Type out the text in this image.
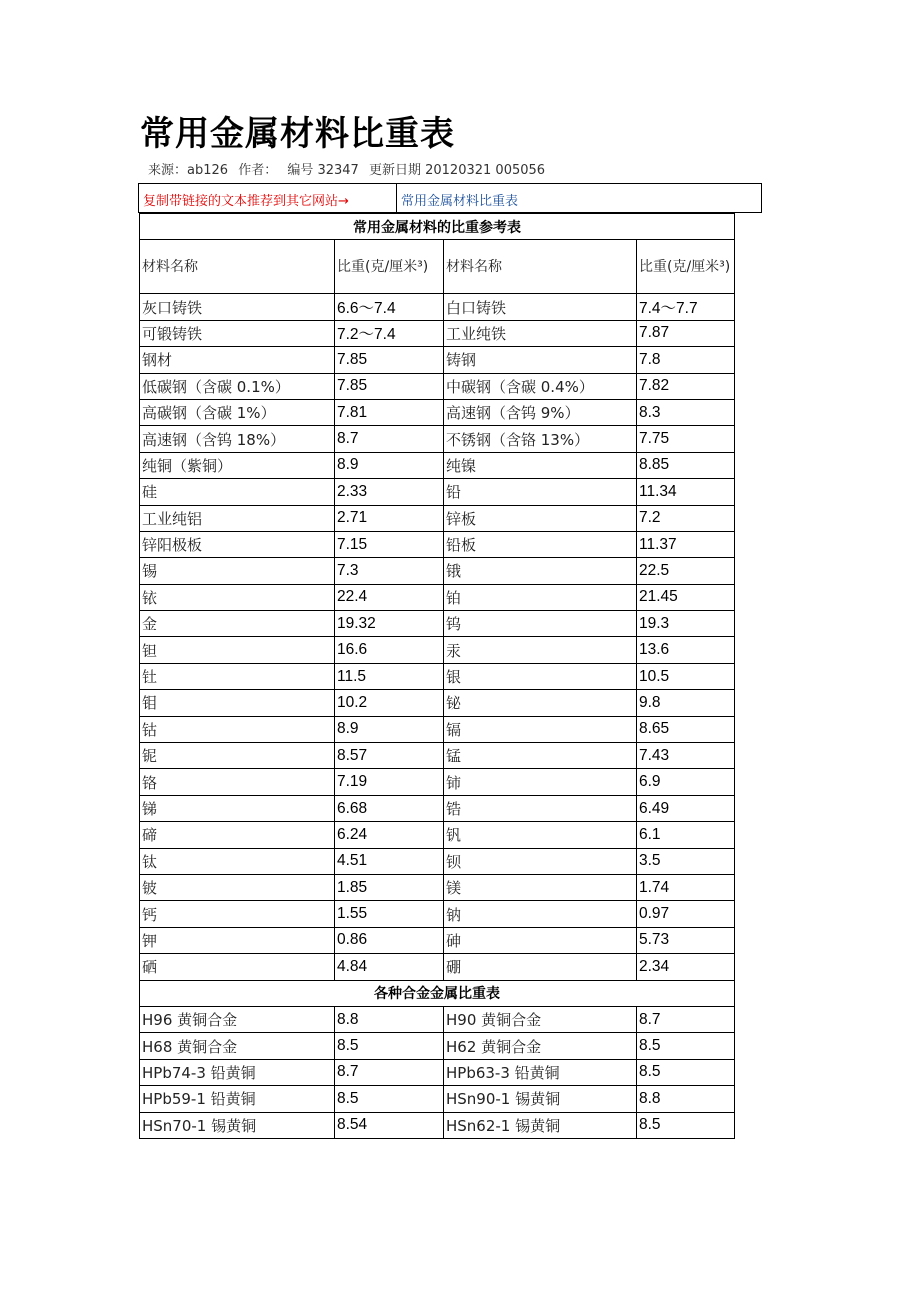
常用金属材料比重表
来源：ab126 作者： 编号 32347 更新日期 20120321 005056
复制带链接的文本推荐到其它网站→	常用金属材料比重表
常用金属材料的比重参考表			
材料名称	比重(克/厘米³)	材料名称	比重(克/厘米³)
灰口铸铁	6.6～7.4	白口铸铁	7.4～7.7
可锻铸铁	7.2～7.4	工业纯铁	7.87
钢材	7.85	铸钢	7.8
低碳钢（含碳 0.1%）	7.85	中碳钢（含碳 0.4%）	7.82
高碳钢（含碳 1%）	7.81	高速钢（含钨 9%）	8.3
高速钢（含钨 18%）	8.7	不锈钢（含铬 13%）	7.75
纯铜（紫铜）	8.9	纯镍	8.85
硅	2.33	铅	11.34
工业纯铝	2.71	锌板	7.2
锌阳极板	7.15	铅板	11.37
锡	7.3	锇	22.5
铱	22.4	铂	21.45
金	19.32	钨	19.3
钽	16.6	汞	13.6
钍	11.5	银	10.5
钼	10.2	铋	9.8
钴	8.9	镉	8.65
铌	8.57	锰	7.43
铬	7.19	铈	6.9
锑	6.68	锆	6.49
碲	6.24	钒	6.1
钛	4.51	钡	3.5
铍	1.85	镁	1.74
钙	1.55	钠	0.97
钾	0.86	砷	5.73
硒	4.84	硼	2.34
各种合金金属比重表			
H96 黄铜合金	8.8	H90 黄铜合金	8.7
H68 黄铜合金	8.5	H62 黄铜合金	8.5
HPb74-3 铅黄铜	8.7	HPb63-3 铅黄铜	8.5
HPb59-1 铅黄铜	8.5	HSn90-1 锡黄铜	8.8
HSn70-1 锡黄铜	8.54	HSn62-1 锡黄铜	8.5
